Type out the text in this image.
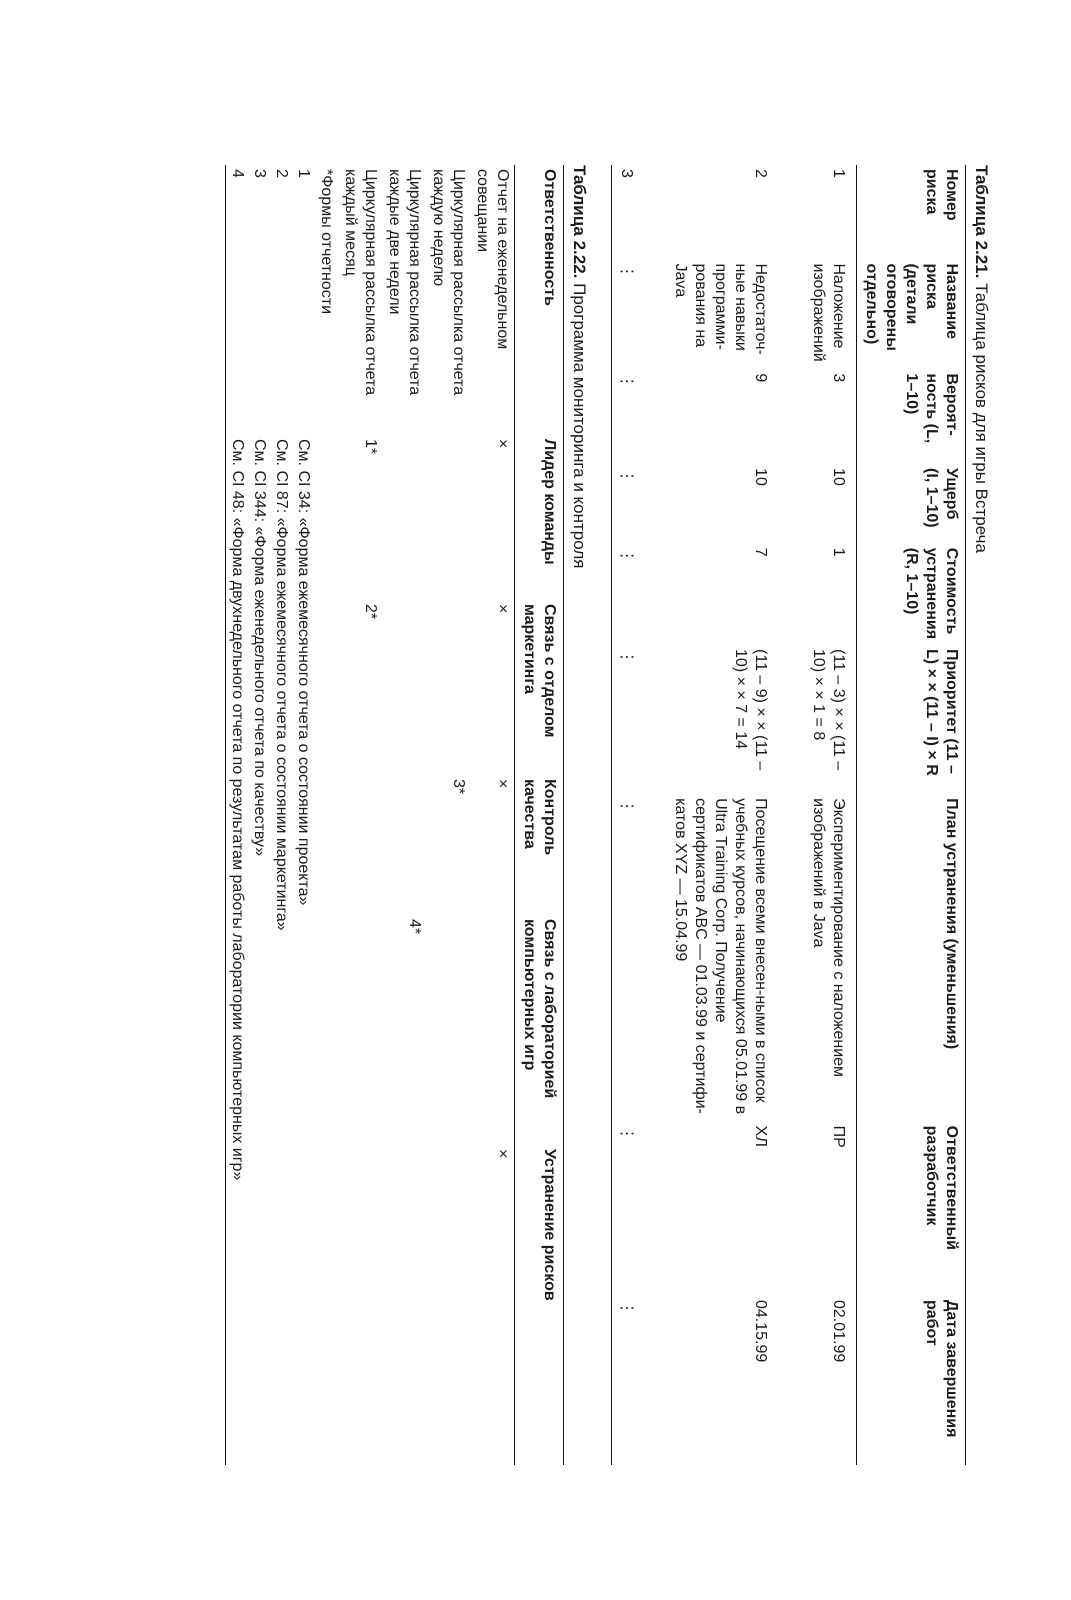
Таблица 2.21. Таблица рисков для игры Встреча
Номер риска	Название риска (детали оговорены отдельно)	Вероят-ность (L, 1–10)	Ущерб (I, 1–10)	Стоимость устранения (R, 1–10)	Приоритет (11 – L) × × (11 – I) × R	План устранения (уменьшения)	Ответственный разработчик	Дата завершения работ
1	Наложение изображений	3	10	1	(11 – 3) × × (11 – 10) × × 1 = 8	Экспериментирование с наложением изображений в Java	ПР	02.01.99
2	Недостаточ-ные навыки программи-рования на Java	9	10	7	(11 – 9) × × (11 – 10) × × 7 = 14	Посещение всеми внесен-ными в список учебных курсов, начинающихся 05.01.99 в Ultra Training Corp. Получение сертификатов ABC — 01.03.99 и сертифи-катов XYZ — 15.04.99	ХЛ	04.15.99
3	⋮	⋮	⋮	⋮	⋮	⋮	⋮	⋮
Таблица 2.22. Программа мониторинга и контроля
Ответственность	Лидер команды	Связь с отделом маркетинга	Контроль качества	Связь с лабораторией компьютерных игр	Устранение рисков
Отчет на еженедельном совещании	×	×	×		×
Циркулярная рассылка отчета каждую неделю			3*		
Циркулярная рассылка отчета каждые две недели				4*	
Циркулярная рассылка отчета каждый месяц	1*	2*			
*Формы отчетности					
1	См. CI 34: «Форма ежемесячного отчета о состоянии проекта»				
2	См. CI 87: «Форма ежемесячного отчета о состоянии маркетинга»				
3	См. CI 344: «Форма еженедельного отчета по качеству»				
4	См. CI 48: «Форма двухнедельного отчета по результатам работы лаборатории компьютерных игр»				
